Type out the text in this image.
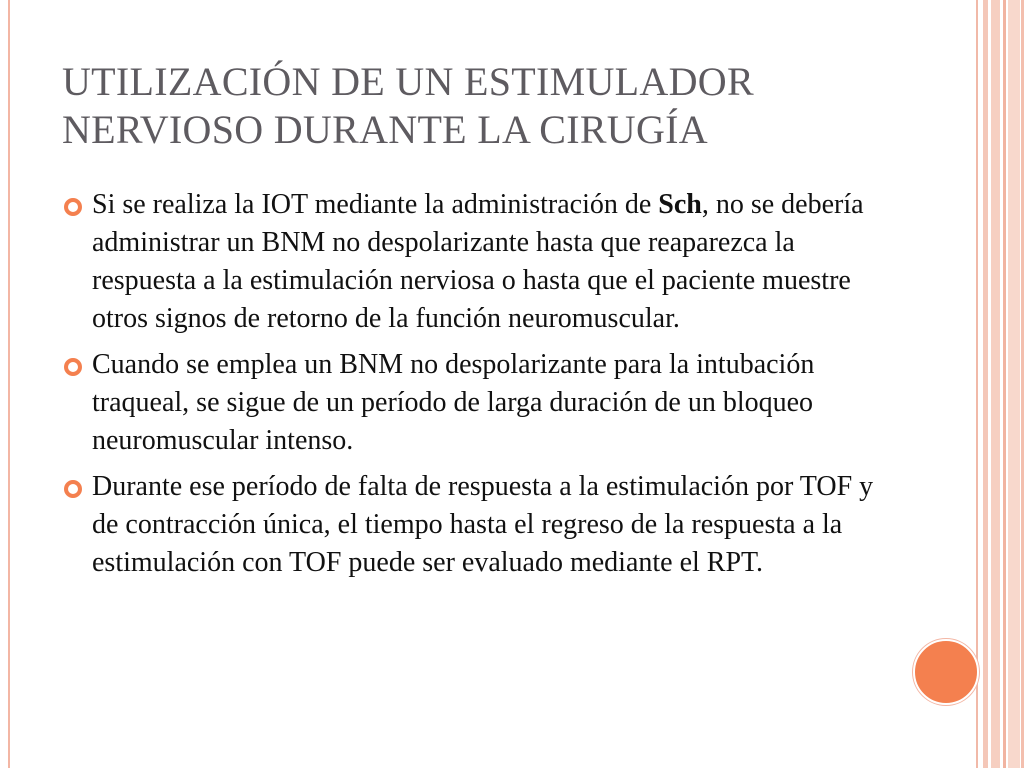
UTILIZACIÓN DE UN ESTIMULADOR NERVIOSO DURANTE LA CIRUGÍA
Si se realiza la IOT mediante la administración de Sch, no se debería administrar un BNM no despolarizante hasta que reaparezca la respuesta a la estimulación nerviosa o hasta que el paciente muestre otros signos de retorno de la función neuromuscular.
Cuando se emplea un BNM no despolarizante para la intubación traqueal, se sigue de un período de larga duración de un bloqueo neuromuscular intenso.
Durante ese período de falta de respuesta a la estimulación por TOF y de contracción única, el tiempo hasta el regreso de la respuesta a la estimulación con TOF puede ser evaluado mediante el RPT.
